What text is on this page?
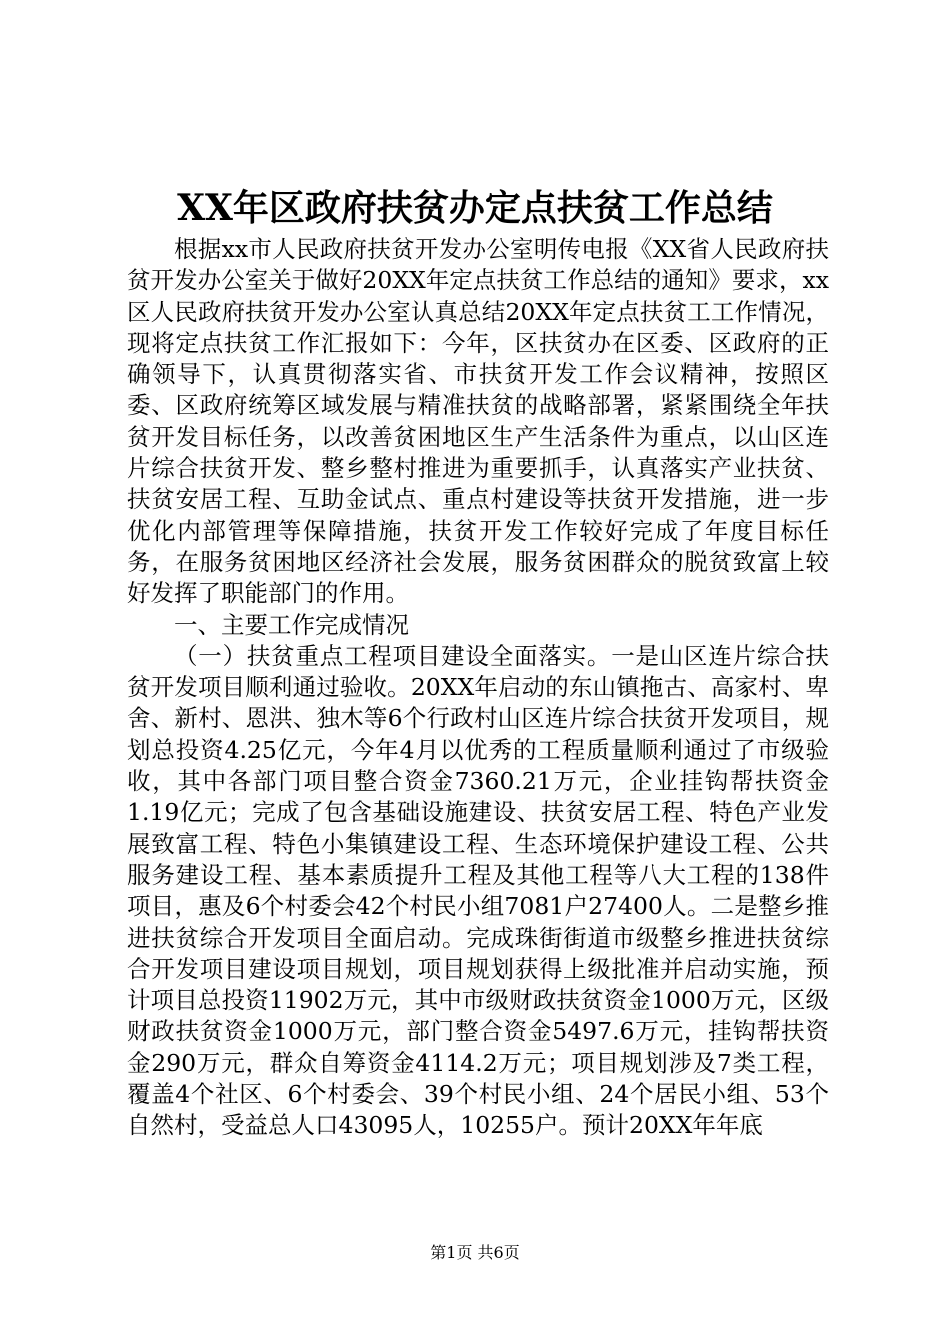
XX年区政府扶贫办定点扶贫工作总结

根据xx市人民政府扶贫开发办公室明传电报《XX省人民政府扶贫开发办公室关于做好20XX年定点扶贫工作总结的通知》要求，xx区人民政府扶贫开发办公室认真总结20XX年定点扶贫工工作情况，现将定点扶贫工作汇报如下：今年，区扶贫办在区委、区政府的正确领导下，认真贯彻落实省、市扶贫开发工作会议精神，按照区委、区政府统筹区域发展与精准扶贫的战略部署，紧紧围绕全年扶贫开发目标任务，以改善贫困地区生产生活条件为重点，以山区连片综合扶贫开发、整乡整村推进为重要抓手，认真落实产业扶贫、扶贫安居工程、互助金试点、重点村建设等扶贫开发措施，进一步优化内部管理等保障措施，扶贫开发工作较好完成了年度目标任务，在服务贫困地区经济社会发展，服务贫困群众的脱贫致富上较好发挥了职能部门的作用。

一、主要工作完成情况

（一）扶贫重点工程项目建设全面落实。一是山区连片综合扶贫开发项目顺利通过验收。20XX年启动的东山镇拖古、高家村、卑舍、新村、恩洪、独木等6个行政村山区连片综合扶贫开发项目，规划总投资4.25亿元，今年4月以优秀的工程质量顺利通过了市级验收，其中各部门项目整合资金7360.21万元，企业挂钩帮扶资金1.19亿元；完成了包含基础设施建设、扶贫安居工程、特色产业发展致富工程、特色小集镇建设工程、生态环境保护建设工程、公共服务建设工程、基本素质提升工程及其他工程等八大工程的138件项目，惠及6个村委会42个村民小组7081户27400人。二是整乡推进扶贫综合开发项目全面启动。完成珠街街道市级整乡推进扶贫综合开发项目建设项目规划，项目规划获得上级批准并启动实施，预计项目总投资11902万元，其中市级财政扶贫资金1000万元，区级财政扶贫资金1000万元，部门整合资金5497.6万元，挂钩帮扶资金290万元，群众自筹资金4114.2万元；项目规划涉及7类工程，覆盖4个社区、6个村委会、39个村民小组、24个居民小组、53个自然村，受益总人口43095人，10255户。预计20XX年年底

第1页 共6页
